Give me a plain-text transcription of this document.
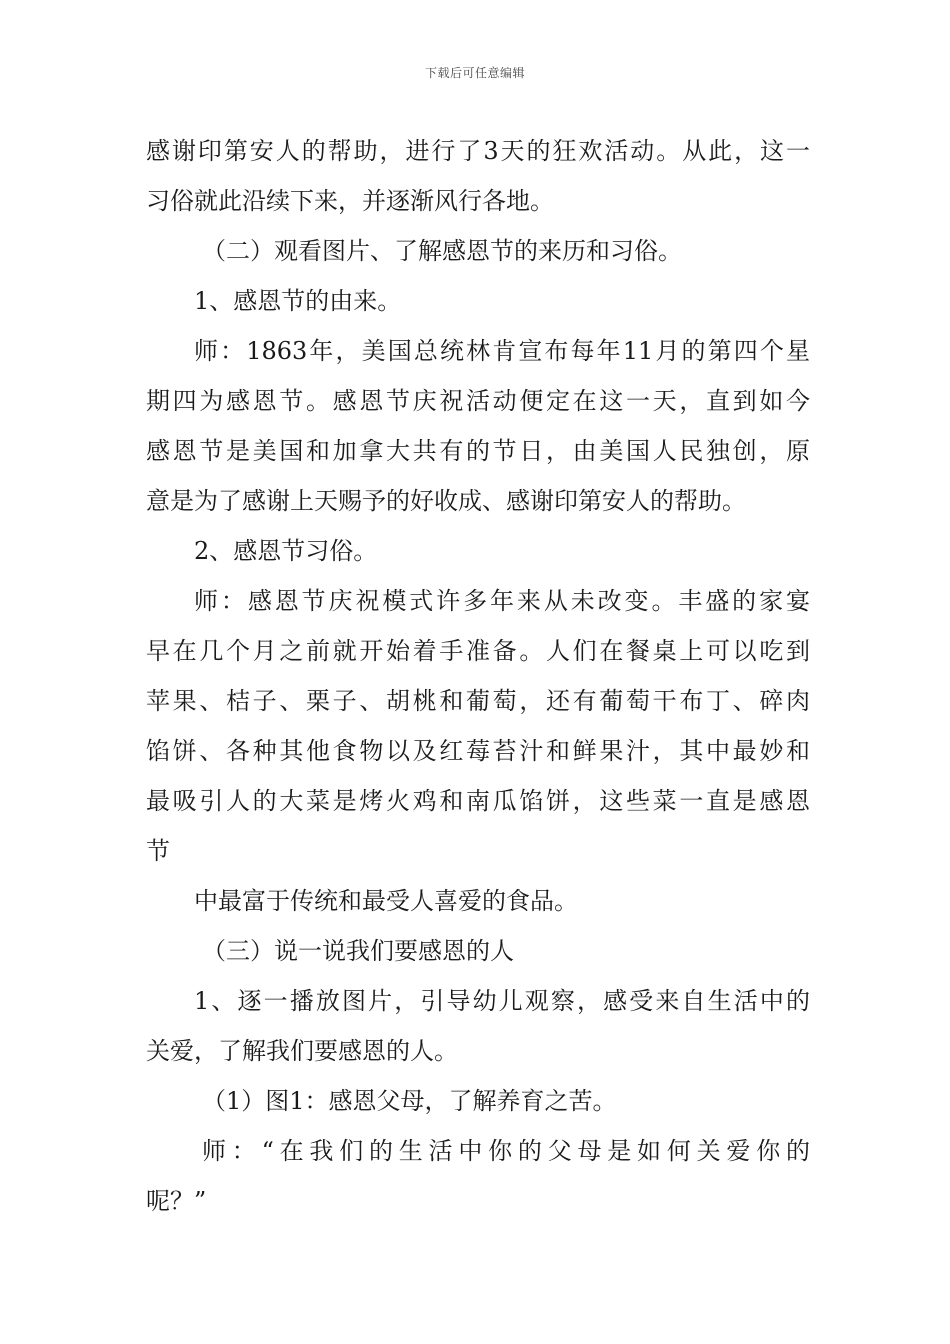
下载后可任意编辑
感谢印第安人的帮助，进行了3天的狂欢活动。从此，这一
习俗就此沿续下来，并逐渐风行各地。
（二）观看图片、了解感恩节的来历和习俗。
1、感恩节的由来。
师：1863年，美国总统林肯宣布每年11月的第四个星
期四为感恩节。感恩节庆祝活动便定在这一天，直到如今
感恩节是美国和加拿大共有的节日，由美国人民独创，原
意是为了感谢上天赐予的好收成、感谢印第安人的帮助。
2、感恩节习俗。
师：感恩节庆祝模式许多年来从未改变。丰盛的家宴
早在几个月之前就开始着手准备。人们在餐桌上可以吃到
苹果、桔子、栗子、胡桃和葡萄，还有葡萄干布丁、碎肉
馅饼、各种其他食物以及红莓苔汁和鲜果汁，其中最妙和
最吸引人的大菜是烤火鸡和南瓜馅饼，这些菜一直是感恩
节
中最富于传统和最受人喜爱的食品。
（三）说一说我们要感恩的人
1、逐一播放图片，引导幼儿观察，感受来自生活中的
关爱，了解我们要感恩的人。
（1）图1：感恩父母，了解养育之苦。
师：“在我们的生活中你的父母是如何关爱你的
呢？”
